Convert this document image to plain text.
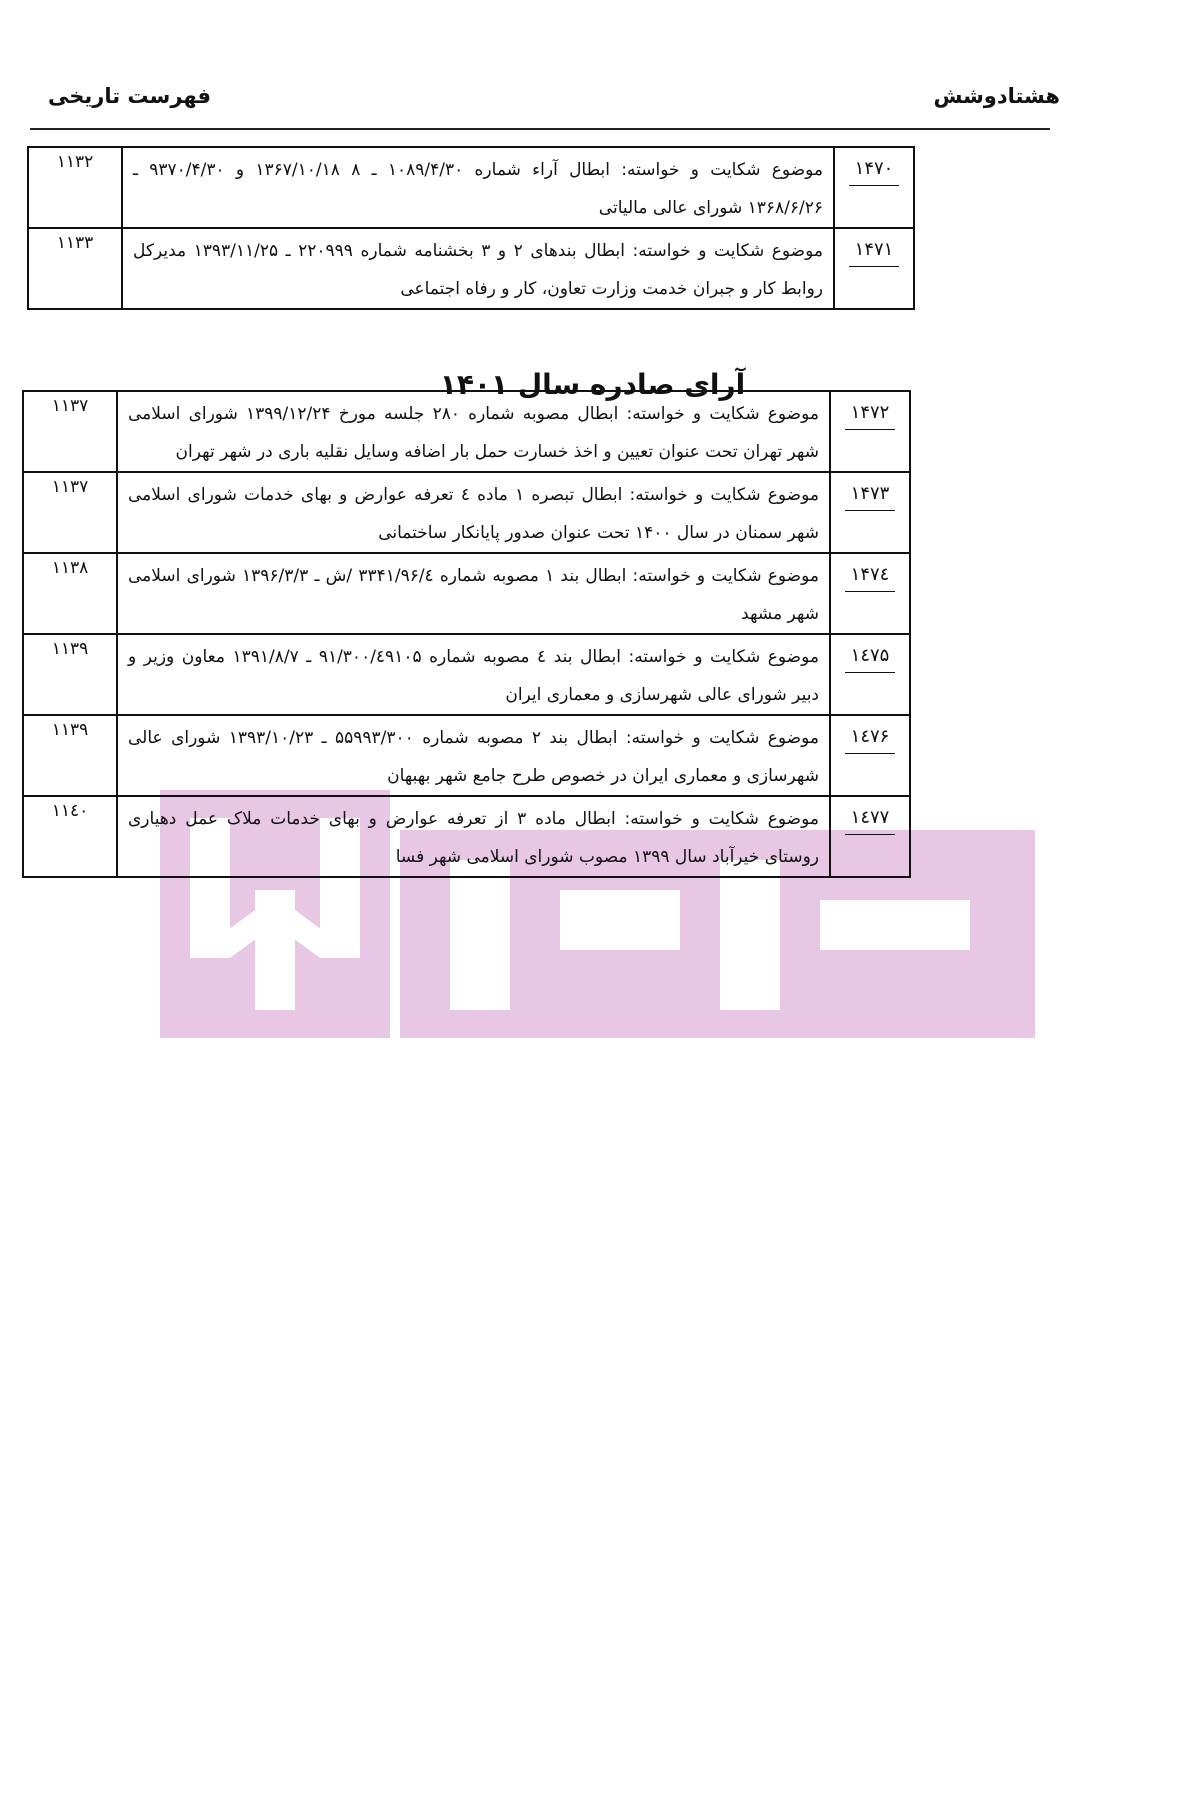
هشتادوشش
فهرست تاریخی
۱۴۷۰	موضوع شکایت و خواسته: ابطال آراء شماره ۱۰۸۹/۴/۳۰ ـ ۸ ۱۳۶۷/۱۰/۱۸ و ۹۳۷۰/۴/۳۰ ـ ۱۳۶۸/۶/۲۶ شورای عالی مالیاتی	۱۱۳۲
۱۴۷۱	موضوع شکایت و خواسته: ابطال بندهای ۲ و ۳ بخشنامه شماره ۲۲۰۹۹۹ ـ ۱۳۹۳/۱۱/۲۵ مدیرکل روابط کار و جبران خدمت وزارت تعاون، کار و رفاه اجتماعی	۱۱۳۳
آرای صادره سال ۱۴۰۱
۱۴۷۲	موضوع شکایت و خواسته: ابطال مصوبه شماره ۲۸۰ جلسه مورخ ۱۳۹۹/۱۲/۲۴ شورای اسلامی شهر تهران تحت عنوان تعیین و اخذ خسارت حمل بار اضافه وسایل نقلیه باری در شهر تهران	۱۱۳۷
۱۴۷۳	موضوع شکایت و خواسته: ابطال تبصره ۱ ماده ٤ تعرفه عوارض و بهای خدمات شورای اسلامی شهر سمنان در سال ۱۴۰۰ تحت عنوان صدور پایانکار ساختمانی	۱۱۳۷
۱۴۷٤	موضوع شکایت و خواسته: ابطال بند ۱ مصوبه شماره ۳۳۴۱/۹۶/٤ /ش ـ ۱۳۹۶/۳/۳ شورای اسلامی شهر مشهد	۱۱۳۸
۱٤۷۵	موضوع شکایت و خواسته: ابطال بند ٤ مصوبه شماره ۹۱/۳۰۰/٤۹۱۰۵ ـ ۱۳۹۱/۸/۷ معاون وزیر و دبیر شورای عالی شهرسازی و معماری ایران	۱۱۳۹
۱٤۷۶	موضوع شکایت و خواسته: ابطال بند ۲ مصوبه شماره ۵۵۹۹۳/۳۰۰ ـ ۱۳۹۳/۱۰/۲۳ شورای عالی شهرسازی و معماری ایران در خصوص طرح جامع شهر بهبهان	۱۱۳۹
۱٤۷۷	موضوع شکایت و خواسته: ابطال ماده ۳ از تعرفه عوارض و بهای خدمات ملاک عمل دهیاری روستای خیرآباد سال ۱۳۹۹ مصوب شورای اسلامی شهر فسا	۱۱٤۰
